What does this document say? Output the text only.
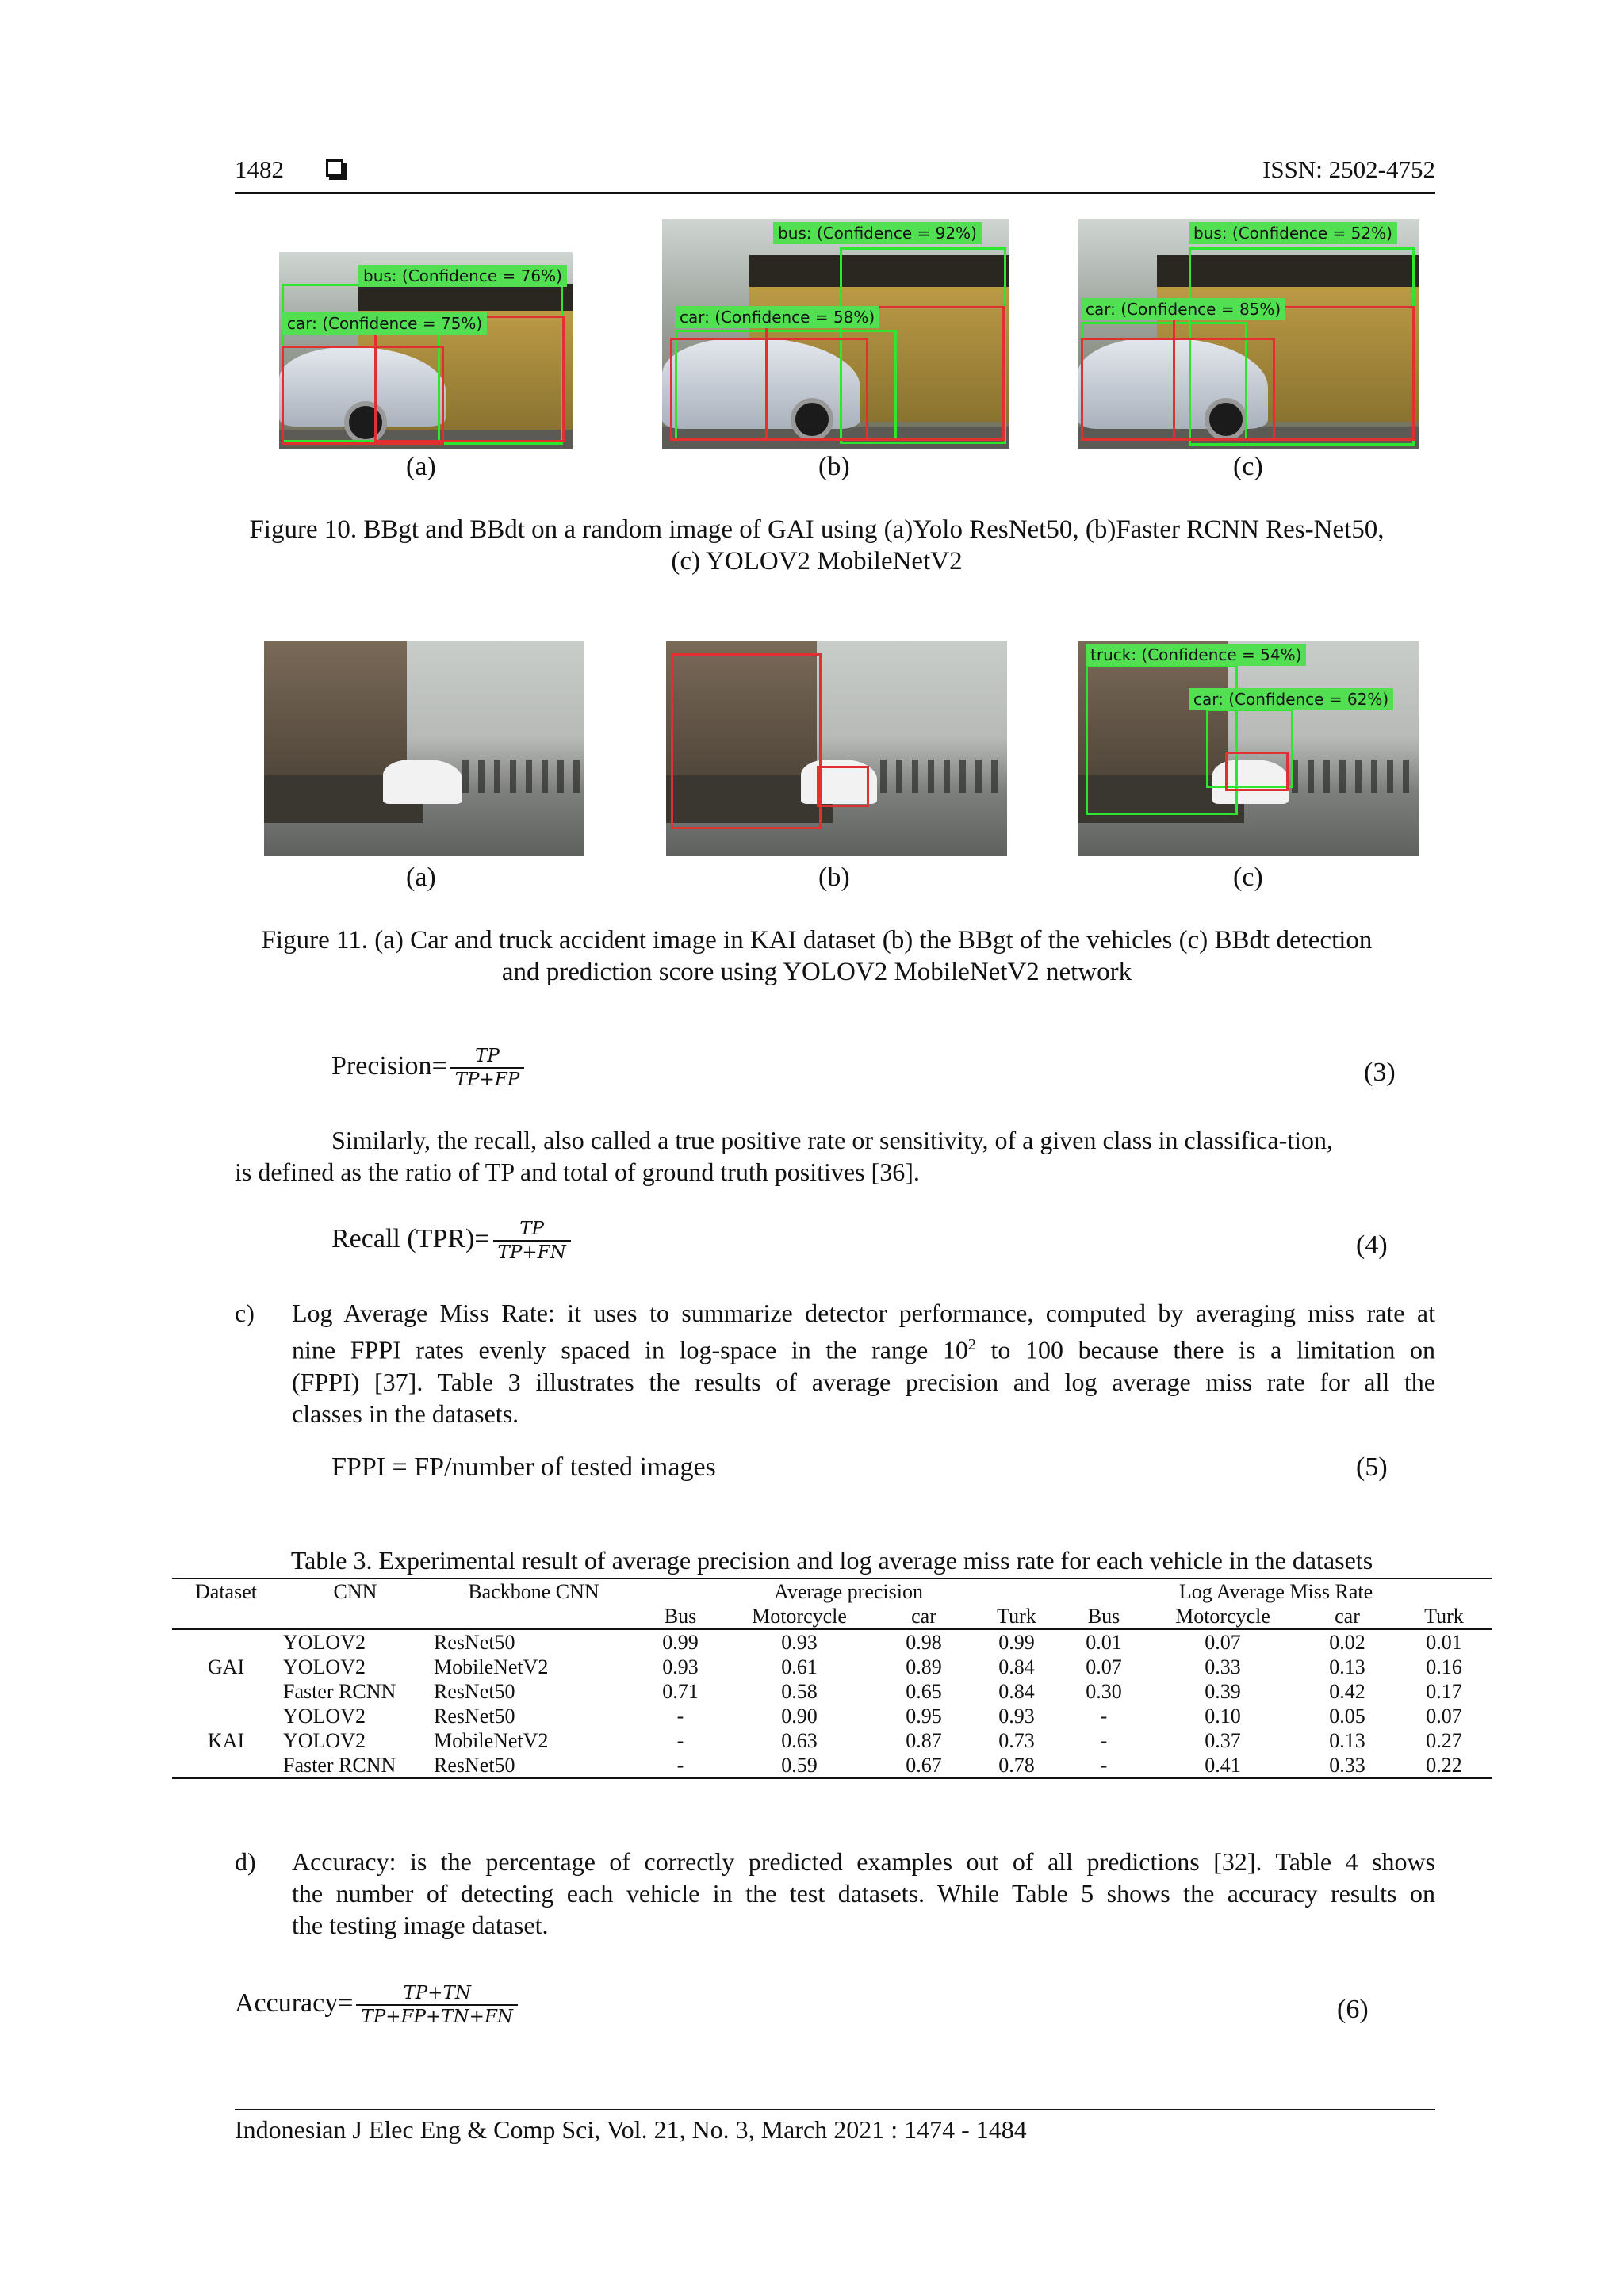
1482	ISSN: 2502-4752
bus: (Confidence = 76%)
car: (Confidence = 75%)
bus: (Confidence = 92%)
car: (Confidence = 58%)
bus: (Confidence = 52%)
car: (Confidence = 85%)
(a)	(b)	(c)
Figure 10. BBgt and BBdt on a random image of GAI using (a)Yolo ResNet50, (b)Faster RCNN Res-Net50,
(c) YOLOV2 MobileNetV2
truck: (Confidence = 54%)
car: (Confidence = 62%)
(a)	(b)	(c)
Figure 11. (a) Car and truck accident image in KAI dataset (b) the BBgt of the vehicles (c) BBdt detection
and prediction score using YOLOV2 MobileNetV2 network
Precision= $\frac{TP}{TP+FP}$	(3)
Similarly, the recall, also called a true positive rate or sensitivity, of a given class in classifica-tion,
is defined as the ratio of TP and total of ground truth positives [36].
Recall $(TPR)= \frac{TP}{TP+FN}$	(4)
c) Log Average Miss Rate: it uses to summarize detector performance, computed by averaging miss rate at
nine FPPI rates evenly spaced in log-space in the range $10^2$ to 100 because there is a limitation on
(FPPI) [37]. Table 3 illustrates the results of average precision and log average miss rate for all the
classes in the datasets.
FPPI = FP/number of tested images	(5)
Table 3. Experimental result of average precision and log average miss rate for each vehicle in the datasets
Dataset	CNN	Backbone CNN	Average precision				Log Average Miss Rate			
			Bus	Motorcycle	car	Turk	Bus	Motorcycle	car	Turk
	YOLOV2	ResNet50	0.99	0.93	0.98	0.99	0.01	0.07	0.02	0.01
GAI	YOLOV2	MobileNetV2	0.93	0.61	0.89	0.84	0.07	0.33	0.13	0.16
	Faster RCNN	ResNet50	0.71	0.58	0.65	0.84	0.30	0.39	0.42	0.17
	YOLOV2	ResNet50	-	0.90	0.95	0.93	-	0.10	0.05	0.07
KAI	YOLOV2	MobileNetV2	-	0.63	0.87	0.73	-	0.37	0.13	0.27
	Faster RCNN	ResNet50	-	0.59	0.67	0.78	-	0.41	0.33	0.22
d) Accuracy: is the percentage of correctly predicted examples out of all predictions [32]. Table 4 shows
the number of detecting each vehicle in the test datasets. While Table 5 shows the accuracy results on
the testing image dataset.
Accuracy= $\frac{TP+TN}{TP+FP+TN+FN}$	(6)
Indonesian J Elec Eng & Comp Sci, Vol. 21, No. 3, March 2021 : 1474 - 1484
